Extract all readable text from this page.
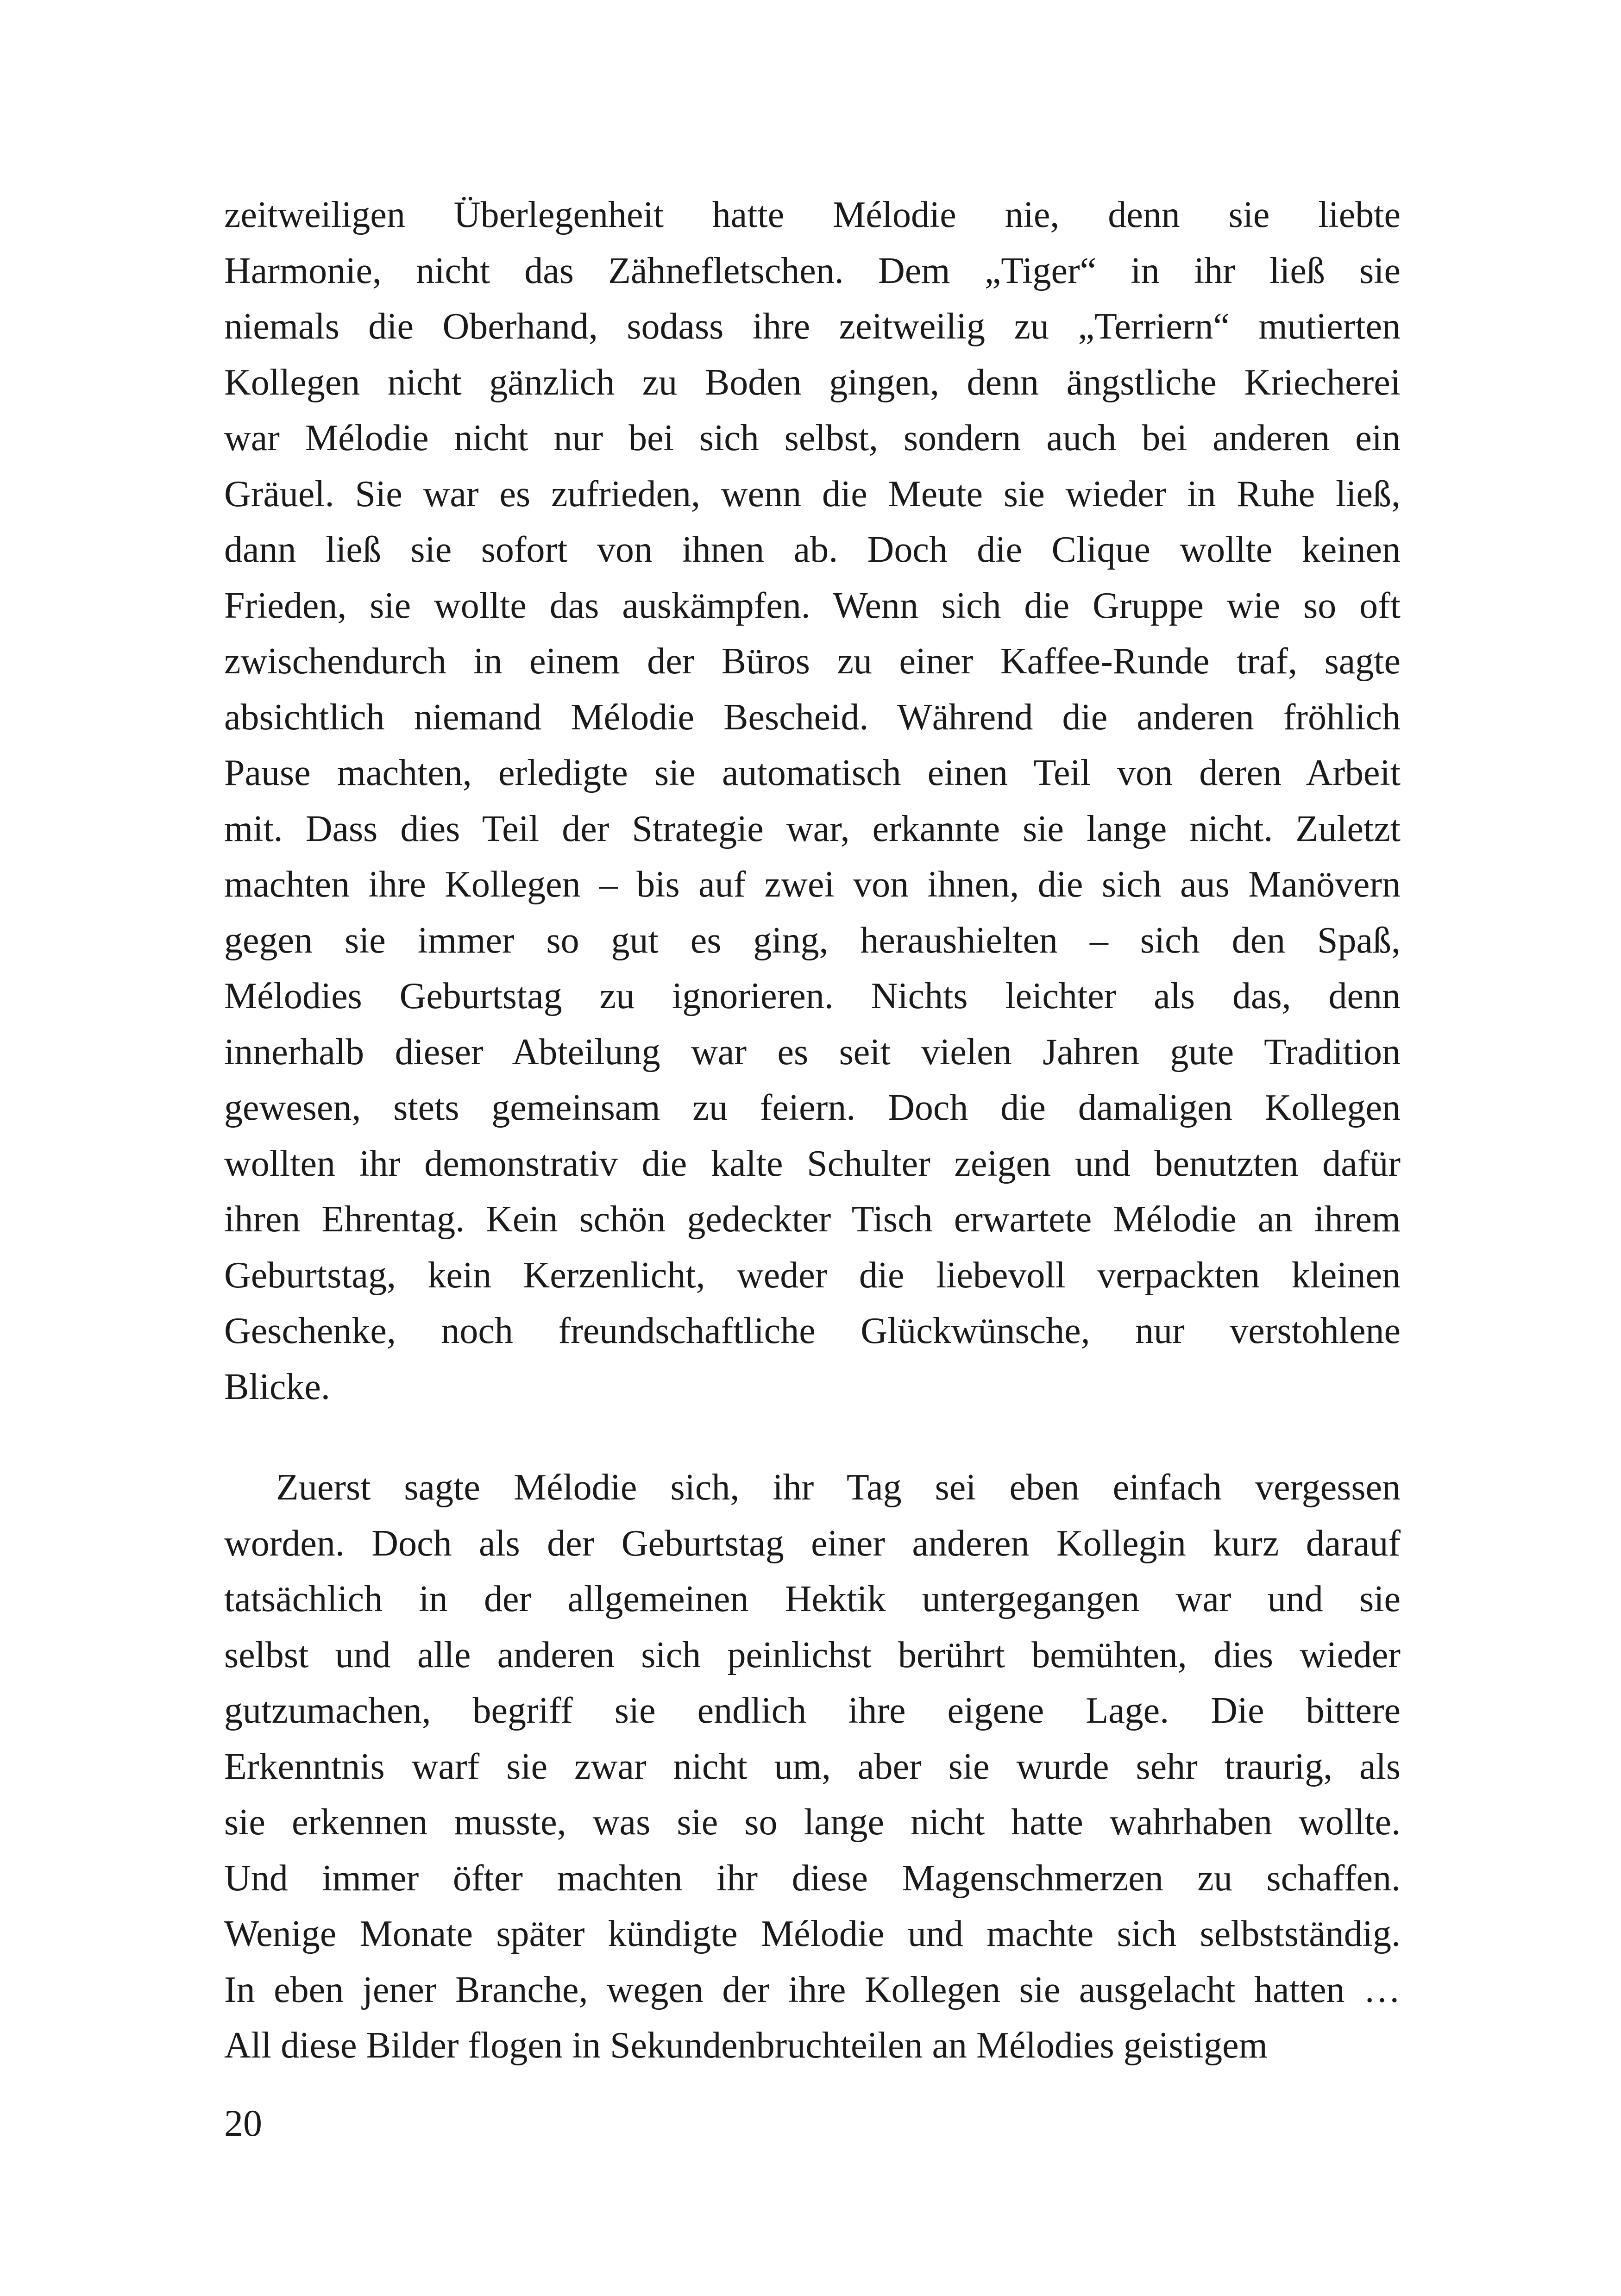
zeitweiligen Überlegenheit hatte Mélodie nie, denn sie liebte
Harmonie, nicht das Zähnefletschen. Dem „Tiger“ in ihr ließ sie
niemals die Oberhand, sodass ihre zeitweilig zu „Terriern“ mutierten
Kollegen nicht gänzlich zu Boden gingen, denn ängstliche Kriecherei
war Mélodie nicht nur bei sich selbst, sondern auch bei anderen ein
Gräuel. Sie war es zufrieden, wenn die Meute sie wieder in Ruhe ließ,
dann ließ sie sofort von ihnen ab. Doch die Clique wollte keinen
Frieden, sie wollte das auskämpfen. Wenn sich die Gruppe wie so oft
zwischendurch in einem der Büros zu einer Kaffee-Runde traf, sagte
absichtlich niemand Mélodie Bescheid. Während die anderen fröhlich
Pause machten, erledigte sie automatisch einen Teil von deren Arbeit
mit. Dass dies Teil der Strategie war, erkannte sie lange nicht. Zuletzt
machten ihre Kollegen – bis auf zwei von ihnen, die sich aus Manövern
gegen sie immer so gut es ging, heraushielten – sich den Spaß,
Mélodies Geburtstag zu ignorieren. Nichts leichter als das, denn
innerhalb dieser Abteilung war es seit vielen Jahren gute Tradition
gewesen, stets gemeinsam zu feiern. Doch die damaligen Kollegen
wollten ihr demonstrativ die kalte Schulter zeigen und benutzten dafür
ihren Ehrentag. Kein schön gedeckter Tisch erwartete Mélodie an ihrem
Geburtstag, kein Kerzenlicht, weder die liebevoll verpackten kleinen
Geschenke, noch freundschaftliche Glückwünsche, nur verstohlene
Blicke.
Zuerst sagte Mélodie sich, ihr Tag sei eben einfach vergessen
worden. Doch als der Geburtstag einer anderen Kollegin kurz darauf
tatsächlich in der allgemeinen Hektik untergegangen war und sie
selbst und alle anderen sich peinlichst berührt bemühten, dies wieder
gutzumachen, begriff sie endlich ihre eigene Lage. Die bittere
Erkenntnis warf sie zwar nicht um, aber sie wurde sehr traurig, als
sie erkennen musste, was sie so lange nicht hatte wahrhaben wollte.
Und immer öfter machten ihr diese Magenschmerzen zu schaffen.
Wenige Monate später kündigte Mélodie und machte sich selbstständig.
In eben jener Branche, wegen der ihre Kollegen sie ausgelacht hatten …
All diese Bilder flogen in Sekundenbruchteilen an Mélodies geistigem
20
